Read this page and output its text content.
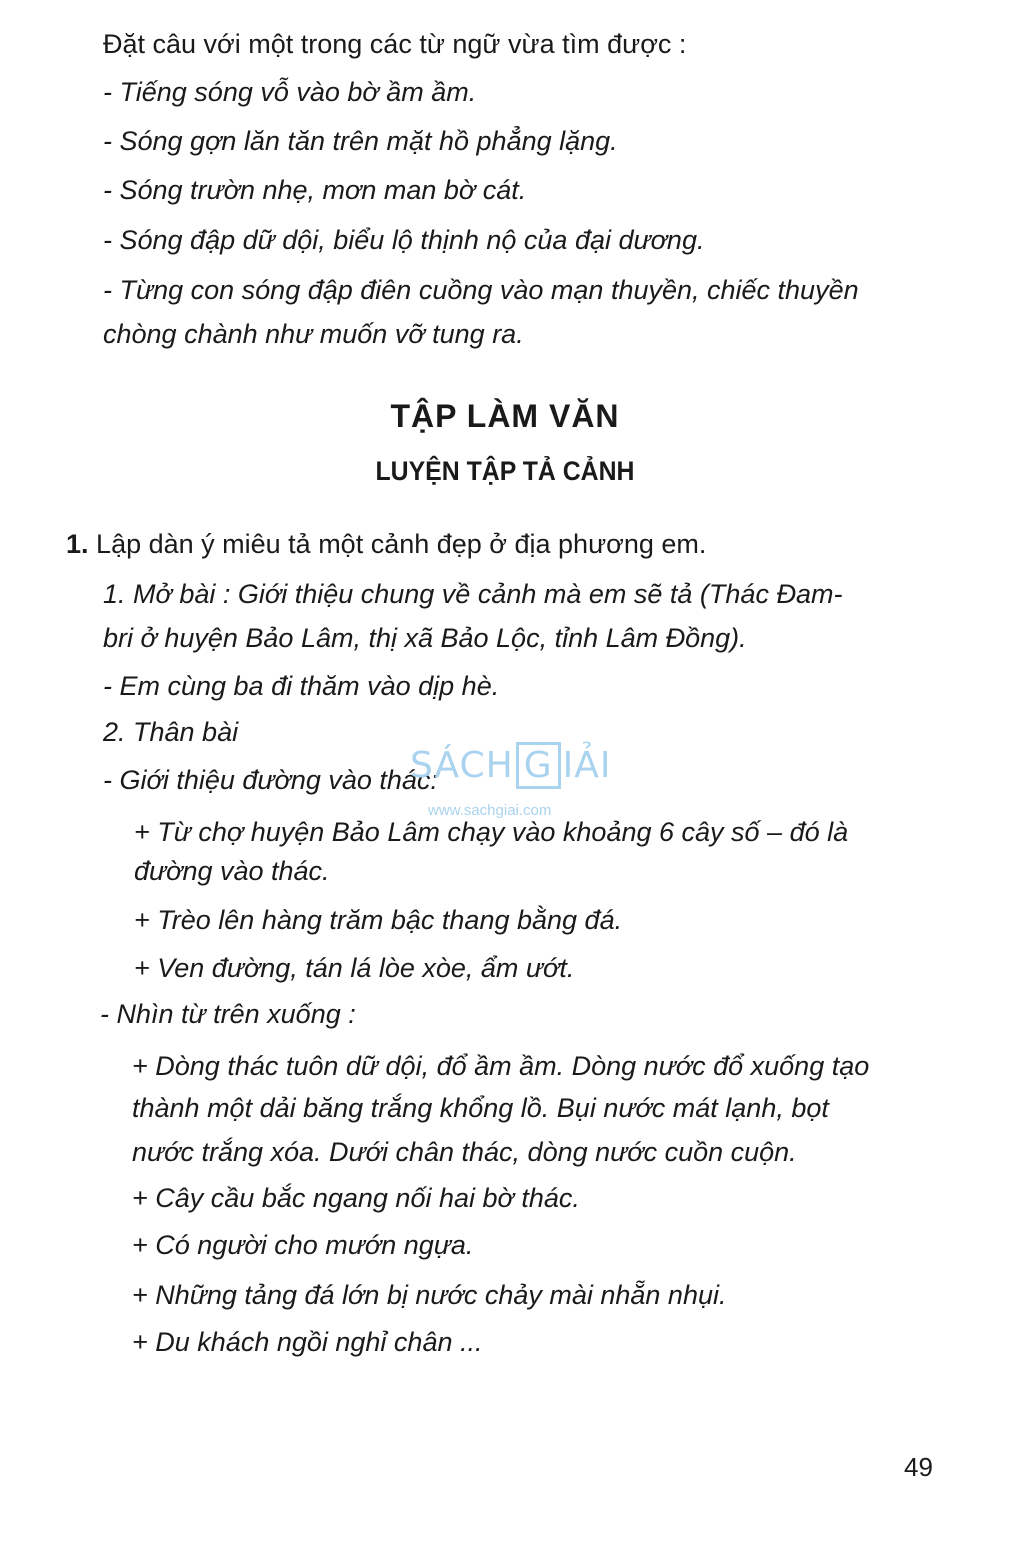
Đặt câu với một trong các từ ngữ vừa tìm được :
- Tiếng sóng vỗ vào bờ ầm ầm.
- Sóng gợn lăn tăn trên mặt hồ phẳng lặng.
- Sóng trườn nhẹ, mơn man bờ cát.
- Sóng đập dữ dội, biểu lộ thịnh nộ của đại dương.
- Từng con sóng đập điên cuồng vào mạn thuyền, chiếc thuyền
chòng chành như muốn vỡ tung ra.
TẬP LÀM VĂN
LUYỆN TẬP TẢ CẢNH
1. Lập dàn ý miêu tả một cảnh đẹp ở địa phương em.
1. Mở bài : Giới thiệu chung về cảnh mà em sẽ tả (Thác Đam-
bri ở huyện Bảo Lâm, thị xã Bảo Lộc, tỉnh Lâm Đồng).
- Em cùng ba đi thăm vào dịp hè.
2. Thân bài
- Giới thiệu đường vào thác:
+ Từ chợ huyện Bảo Lâm chạy vào khoảng 6 cây số – đó là
đường vào thác.
+ Trèo lên hàng trăm bậc thang bằng đá.
+ Ven đường, tán lá lòe xòe, ẩm ướt.
- Nhìn từ trên xuống :
+ Dòng thác tuôn dữ dội, đổ ầm ầm. Dòng nước đổ xuống tạo
thành một dải băng trắng khổng lồ. Bụi nước mát lạnh, bọt
nước trắng xóa. Dưới chân thác, dòng nước cuồn cuộn.
+ Cây cầu bắc ngang nối hai bờ thác.
+ Có người cho mướn ngựa.
+ Những tảng đá lớn bị nước chảy mài nhẵn nhụi.
+ Du khách ngồi nghỉ chân ...
SÁCH G IẢI
www.sachgiai.com
49
